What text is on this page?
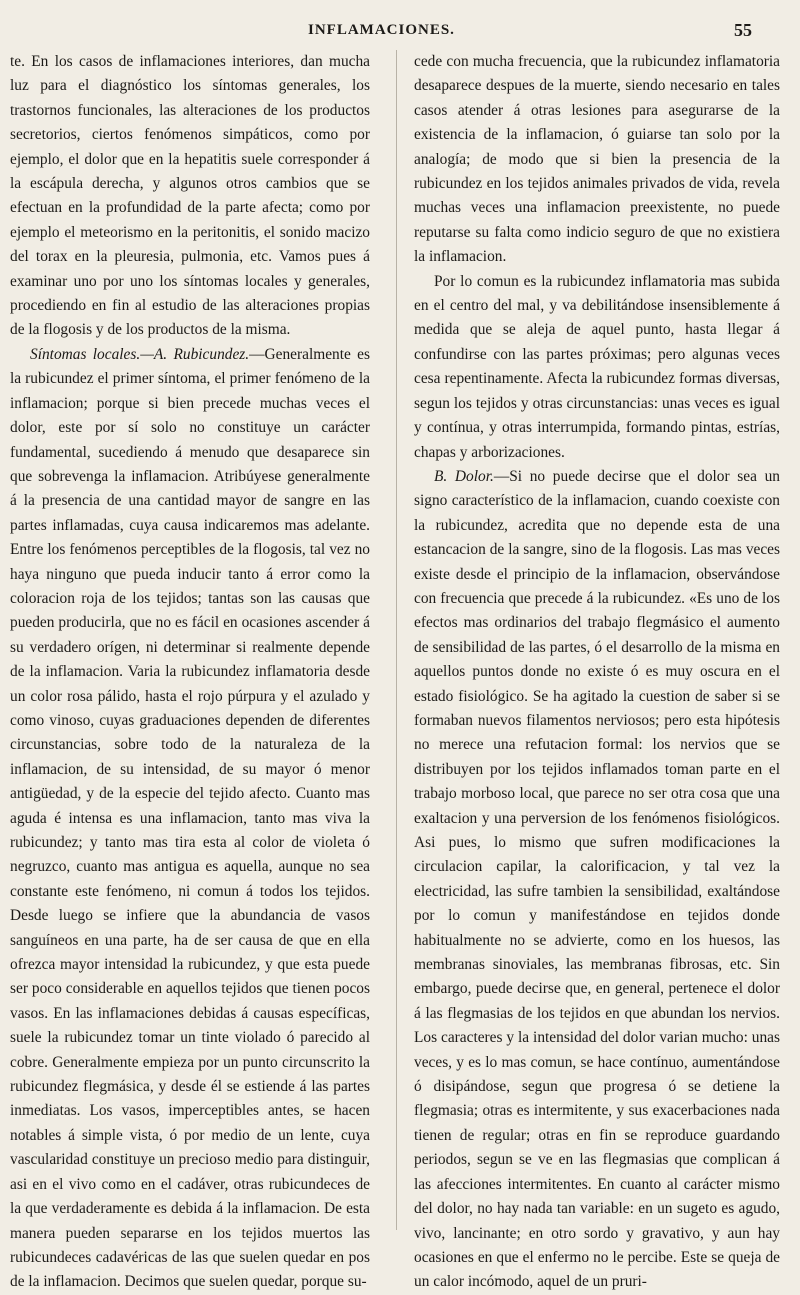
INFLAMACIONES.	55

te. En los casos de inflamaciones interiores, dan mucha luz para el diagnóstico los síntomas generales, los trastornos funcionales, las alteraciones de los productos secretorios, ciertos fenómenos simpáticos, como por ejemplo, el dolor que en la hepatitis suele corresponder á la escápula derecha, y algunos otros cambios que se efectuan en la profundidad de la parte afecta; como por ejemplo el meteorismo en la peritonitis, el sonido macizo del torax en la pleuresia, pulmonia, etc. Vamos pues á examinar uno por uno los síntomas locales y generales, procediendo en fin al estudio de las alteraciones propias de la flogosis y de los productos de la misma.

Síntomas locales.—A. Rubicundez.—Generalmente es la rubicundez el primer síntoma, el primer fenómeno de la inflamacion; porque si bien precede muchas veces el dolor, este por sí solo no constituye un carácter fundamental, sucediendo á menudo que desaparece sin que sobrevenga la inflamacion. Atribúyese generalmente á la presencia de una cantidad mayor de sangre en las partes inflamadas, cuya causa indicaremos mas adelante. Entre los fenómenos perceptibles de la flogosis, tal vez no haya ninguno que pueda inducir tanto á error como la coloracion roja de los tejidos; tantas son las causas que pueden producirla, que no es fácil en ocasiones ascender á su verdadero orígen, ni determinar si realmente depende de la inflamacion. Varia la rubicundez inflamatoria desde un color rosa pálido, hasta el rojo púrpura y el azulado y como vinoso, cuyas graduaciones dependen de diferentes circunstancias, sobre todo de la naturaleza de la inflamacion, de su intensidad, de su mayor ó menor antigüedad, y de la especie del tejido afecto. Cuanto mas aguda é intensa es una inflamacion, tanto mas viva la rubicundez; y tanto mas tira esta al color de violeta ó negruzco, cuanto mas antigua es aquella, aunque no sea constante este fenómeno, ni comun á todos los tejidos. Desde luego se infiere que la abundancia de vasos sanguíneos en una parte, ha de ser causa de que en ella ofrezca mayor intensidad la rubicundez, y que esta puede ser poco considerable en aquellos tejidos que tienen pocos vasos. En las inflamaciones debidas á causas específicas, suele la rubicundez tomar un tinte violado ó parecido al cobre. Generalmente empieza por un punto circunscrito la rubicundez flegmásica, y desde él se estiende á las partes inmediatas. Los vasos, imperceptibles antes, se hacen notables á simple vista, ó por medio de un lente, cuya vascularidad constituye un precioso medio para distinguir, asi en el vivo como en el cadáver, otras rubicundeces de la que verdaderamente es debida á la inflamacion. De esta manera pueden separarse en los tejidos muertos las rubicundeces cadavéricas de las que suelen quedar en pos de la inflamacion. Decimos que suelen quedar, porque su-

cede con mucha frecuencia, que la rubicundez inflamatoria desaparece despues de la muerte, siendo necesario en tales casos atender á otras lesiones para asegurarse de la existencia de la inflamacion, ó guiarse tan solo por la analogía; de modo que si bien la presencia de la rubicundez en los tejidos animales privados de vida, revela muchas veces una inflamacion preexistente, no puede reputarse su falta como indicio seguro de que no existiera la inflamacion.

Por lo comun es la rubicundez inflamatoria mas subida en el centro del mal, y va debilitándose insensiblemente á medida que se aleja de aquel punto, hasta llegar á confundirse con las partes próximas; pero algunas veces cesa repentinamente. Afecta la rubicundez formas diversas, segun los tejidos y otras circunstancias: unas veces es igual y contínua, y otras interrumpida, formando pintas, estrías, chapas y arborizaciones.

B. Dolor.—Si no puede decirse que el dolor sea un signo característico de la inflamacion, cuando coexiste con la rubicundez, acredita que no depende esta de una estancacion de la sangre, sino de la flogosis. Las mas veces existe desde el principio de la inflamacion, observándose con frecuencia que precede á la rubicundez. «Es uno de los efectos mas ordinarios del trabajo flegmásico el aumento de sensibilidad de las partes, ó el desarrollo de la misma en aquellos puntos donde no existe ó es muy oscura en el estado fisiológico. Se ha agitado la cuestion de saber si se formaban nuevos filamentos nerviosos; pero esta hipótesis no merece una refutacion formal: los nervios que se distribuyen por los tejidos inflamados toman parte en el trabajo morboso local, que parece no ser otra cosa que una exaltacion y una perversion de los fenómenos fisiológicos. Asi pues, lo mismo que sufren modificaciones la circulacion capilar, la calorificacion, y tal vez la electricidad, las sufre tambien la sensibilidad, exaltándose por lo comun y manifestándose en tejidos donde habitualmente no se advierte, como en los huesos, las membranas sinoviales, las membranas fibrosas, etc. Sin embargo, puede decirse que, en general, pertenece el dolor á las flegmasias de los tejidos en que abundan los nervios. Los caracteres y la intensidad del dolor varian mucho: unas veces, y es lo mas comun, se hace contínuo, aumentándose ó disipándose, segun que progresa ó se detiene la flegmasia; otras es intermitente, y sus exacerbaciones nada tienen de regular; otras en fin se reproduce guardando periodos, segun se ve en las flegmasias que complican á las afecciones intermitentes. En cuanto al carácter mismo del dolor, no hay nada tan variable: en un sugeto es agudo, vivo, lancinante; en otro sordo y gravativo, y aun hay ocasiones en que el enfermo no le percibe. Este se queja de un calor incómodo, aquel de un pruri-
